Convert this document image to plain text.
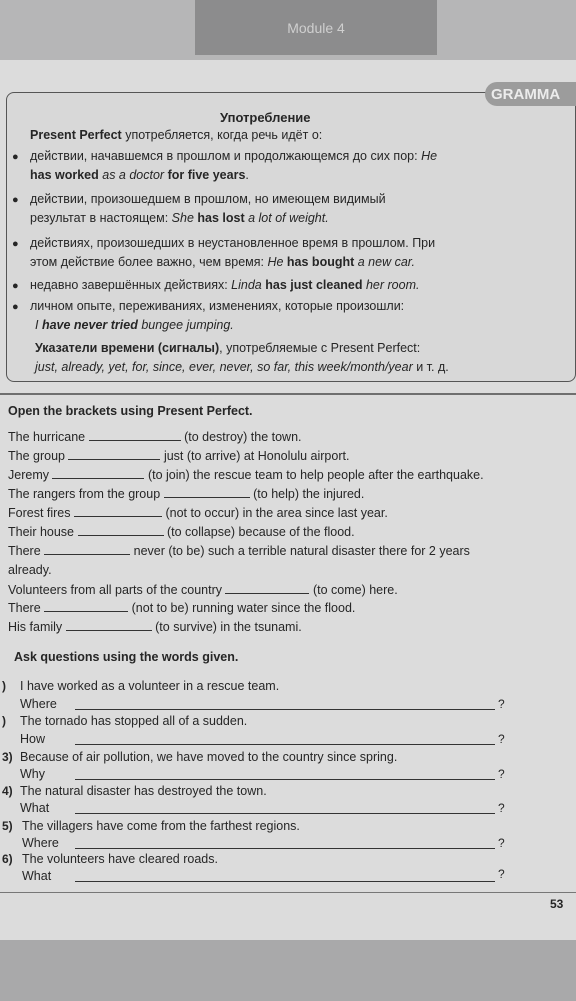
Module 4
GRAMMA
Употребление
Present Perfect употребляется, когда речь идёт о:
● действии, начавшемся в прошлом и продолжающемся до сих пор: He
has worked as a doctor for five years.
● действии, произошедшем в прошлом, но имеющем видимый
результат в настоящем: She has lost a lot of weight.
● действиях, произошедших в неустановленное время в прошлом. При
этом действие более важно, чем время: He has bought a new car.
● недавно завершённых действиях: Linda has just cleaned her room.
● личном опыте, переживаниях, изменениях, которые произошли:
I have never tried bungee jumping.
Указатели времени (сигналы), употребляемые с Present Perfect:
just, already, yet, for, since, ever, never, so far, this week/month/year и т. д.
Open the brackets using Present Perfect.
The hurricane	(to destroy) the town.
The group	just (to arrive) at Honolulu airport.
Jeremy	(to join) the rescue team to help people after the earthquake.
The rangers from the group	(to help) the injured.
Forest fires	(not to occur) in the area since last year.
Their house	(to collapse) because of the flood.
There	never (to be) such a terrible natural disaster there for 2 years
already.
Volunteers from all parts of the country	(to come) here.
There	(not to be) running water since the flood.
His family	(to survive) in the tsunami.
Ask questions using the words given.
) I have worked as a volunteer in a rescue team.
Where	?
) The tornado has stopped all of a sudden.
How	?
3) Because of air pollution, we have moved to the country since spring.
Why	?
4) The natural disaster has destroyed the town.
What	?
5) The villagers have come from the farthest regions.
Where	?
6) The volunteers have cleared roads.
What	?
53
